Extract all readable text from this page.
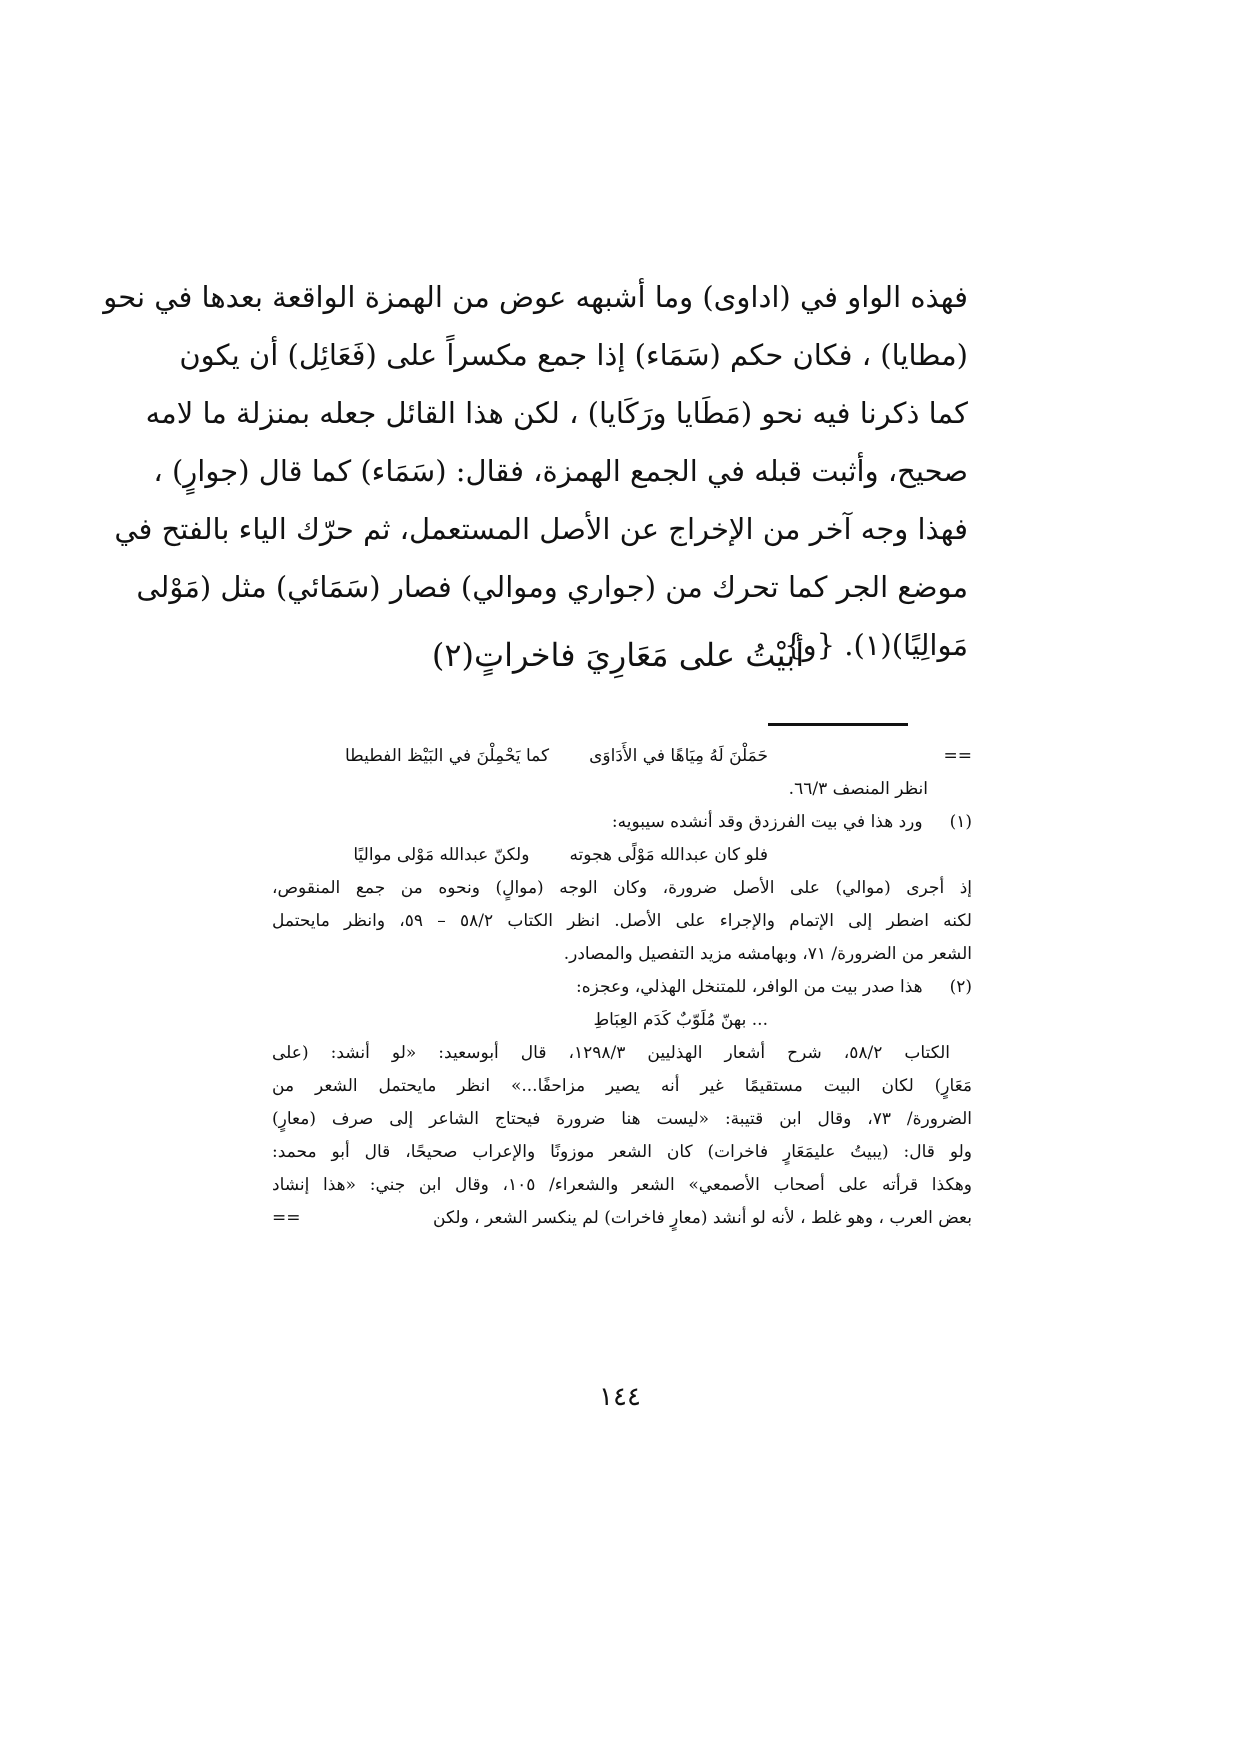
فهذه الواو في (اداوى) وما أشبهه عوض من الهمزة الواقعة بعدها في نحو
(مطايا) ، فكان حكم (سَمَاء) إذا جمع مكسراً على (فَعَائِل) أن يكون
كما ذكرنا فيه نحو (مَطَايا ورَكَايا) ، لكن هذا القائل جعله بمنزلة ما لامه
صحيح، وأثبت قبله في الجمع الهمزة، فقال: (سَمَاء) كما قال (جوارٍ) ،
فهذا وجه آخر من الإخراج عن الأصل المستعمل، ثم حرّك الياء بالفتح في
موضع الجر كما تحرك من (جواري وموالي) فصار (سَمَائي) مثل (مَوْلى
مَوالِيًا)(١). {و}
أبيْتُ على مَعَارِيَ فاخراتٍ(٢)
==
حَمَلْنَ لَهُ مِيَاهًا في الأَدَاوَى
كما يَحْمِلْنَ في البَيْظ الفطيطا
انظر المنصف ٦٦/٣.
(١) ورد هذا في بيت الفرزدق وقد أنشده سيبويه:
فلو كان عبدالله مَوْلًى هجوته
ولكنّ عبدالله مَوْلى مواليًا
إذ أجرى (موالي) على الأصل ضرورة، وكان الوجه (موالٍ) ونحوه من جمع المنقوص،
لكنه اضطر إلى الإتمام والإجراء على الأصل. انظر الكتاب ٥٨/٢ – ٥٩، وانظر مايحتمل
الشعر من الضرورة/ ٧١، وبهامشه مزيد التفصيل والمصادر.
(٢) هذا صدر بيت من الوافر، للمتنخل الهذلي، وعجزه:
... بهنّ مُلَوّبٌ كَدَم العِبَاطِ
الكتاب ٥٨/٢، شرح أشعار الهذليين ١٢٩٨/٣، قال أبوسعيد: «لو أنشد: (على
مَعَارٍ) لكان البيت مستقيمًا غير أنه يصير مزاحفًا...» انظر مايحتمل الشعر من
الضرورة/ ٧٣، وقال ابن قتيبة: «ليست هنا ضرورة فيحتاج الشاعر إلى صرف (معارٍ)
ولو قال: (يبيتُ عليمَعَارٍ فاخرات) كان الشعر موزونًا والإعراب صحيحًا، قال أبو محمد:
وهكذا قرأته على أصحاب الأصمعي» الشعر والشعراء/ ١٠٥، وقال ابن جني: «هذا إنشاد
بعض العرب ، وهو غلط ، لأنه لو أنشد (معارٍ فاخرات) لم ينكسر الشعر ، ولكن
==
١٤٤
